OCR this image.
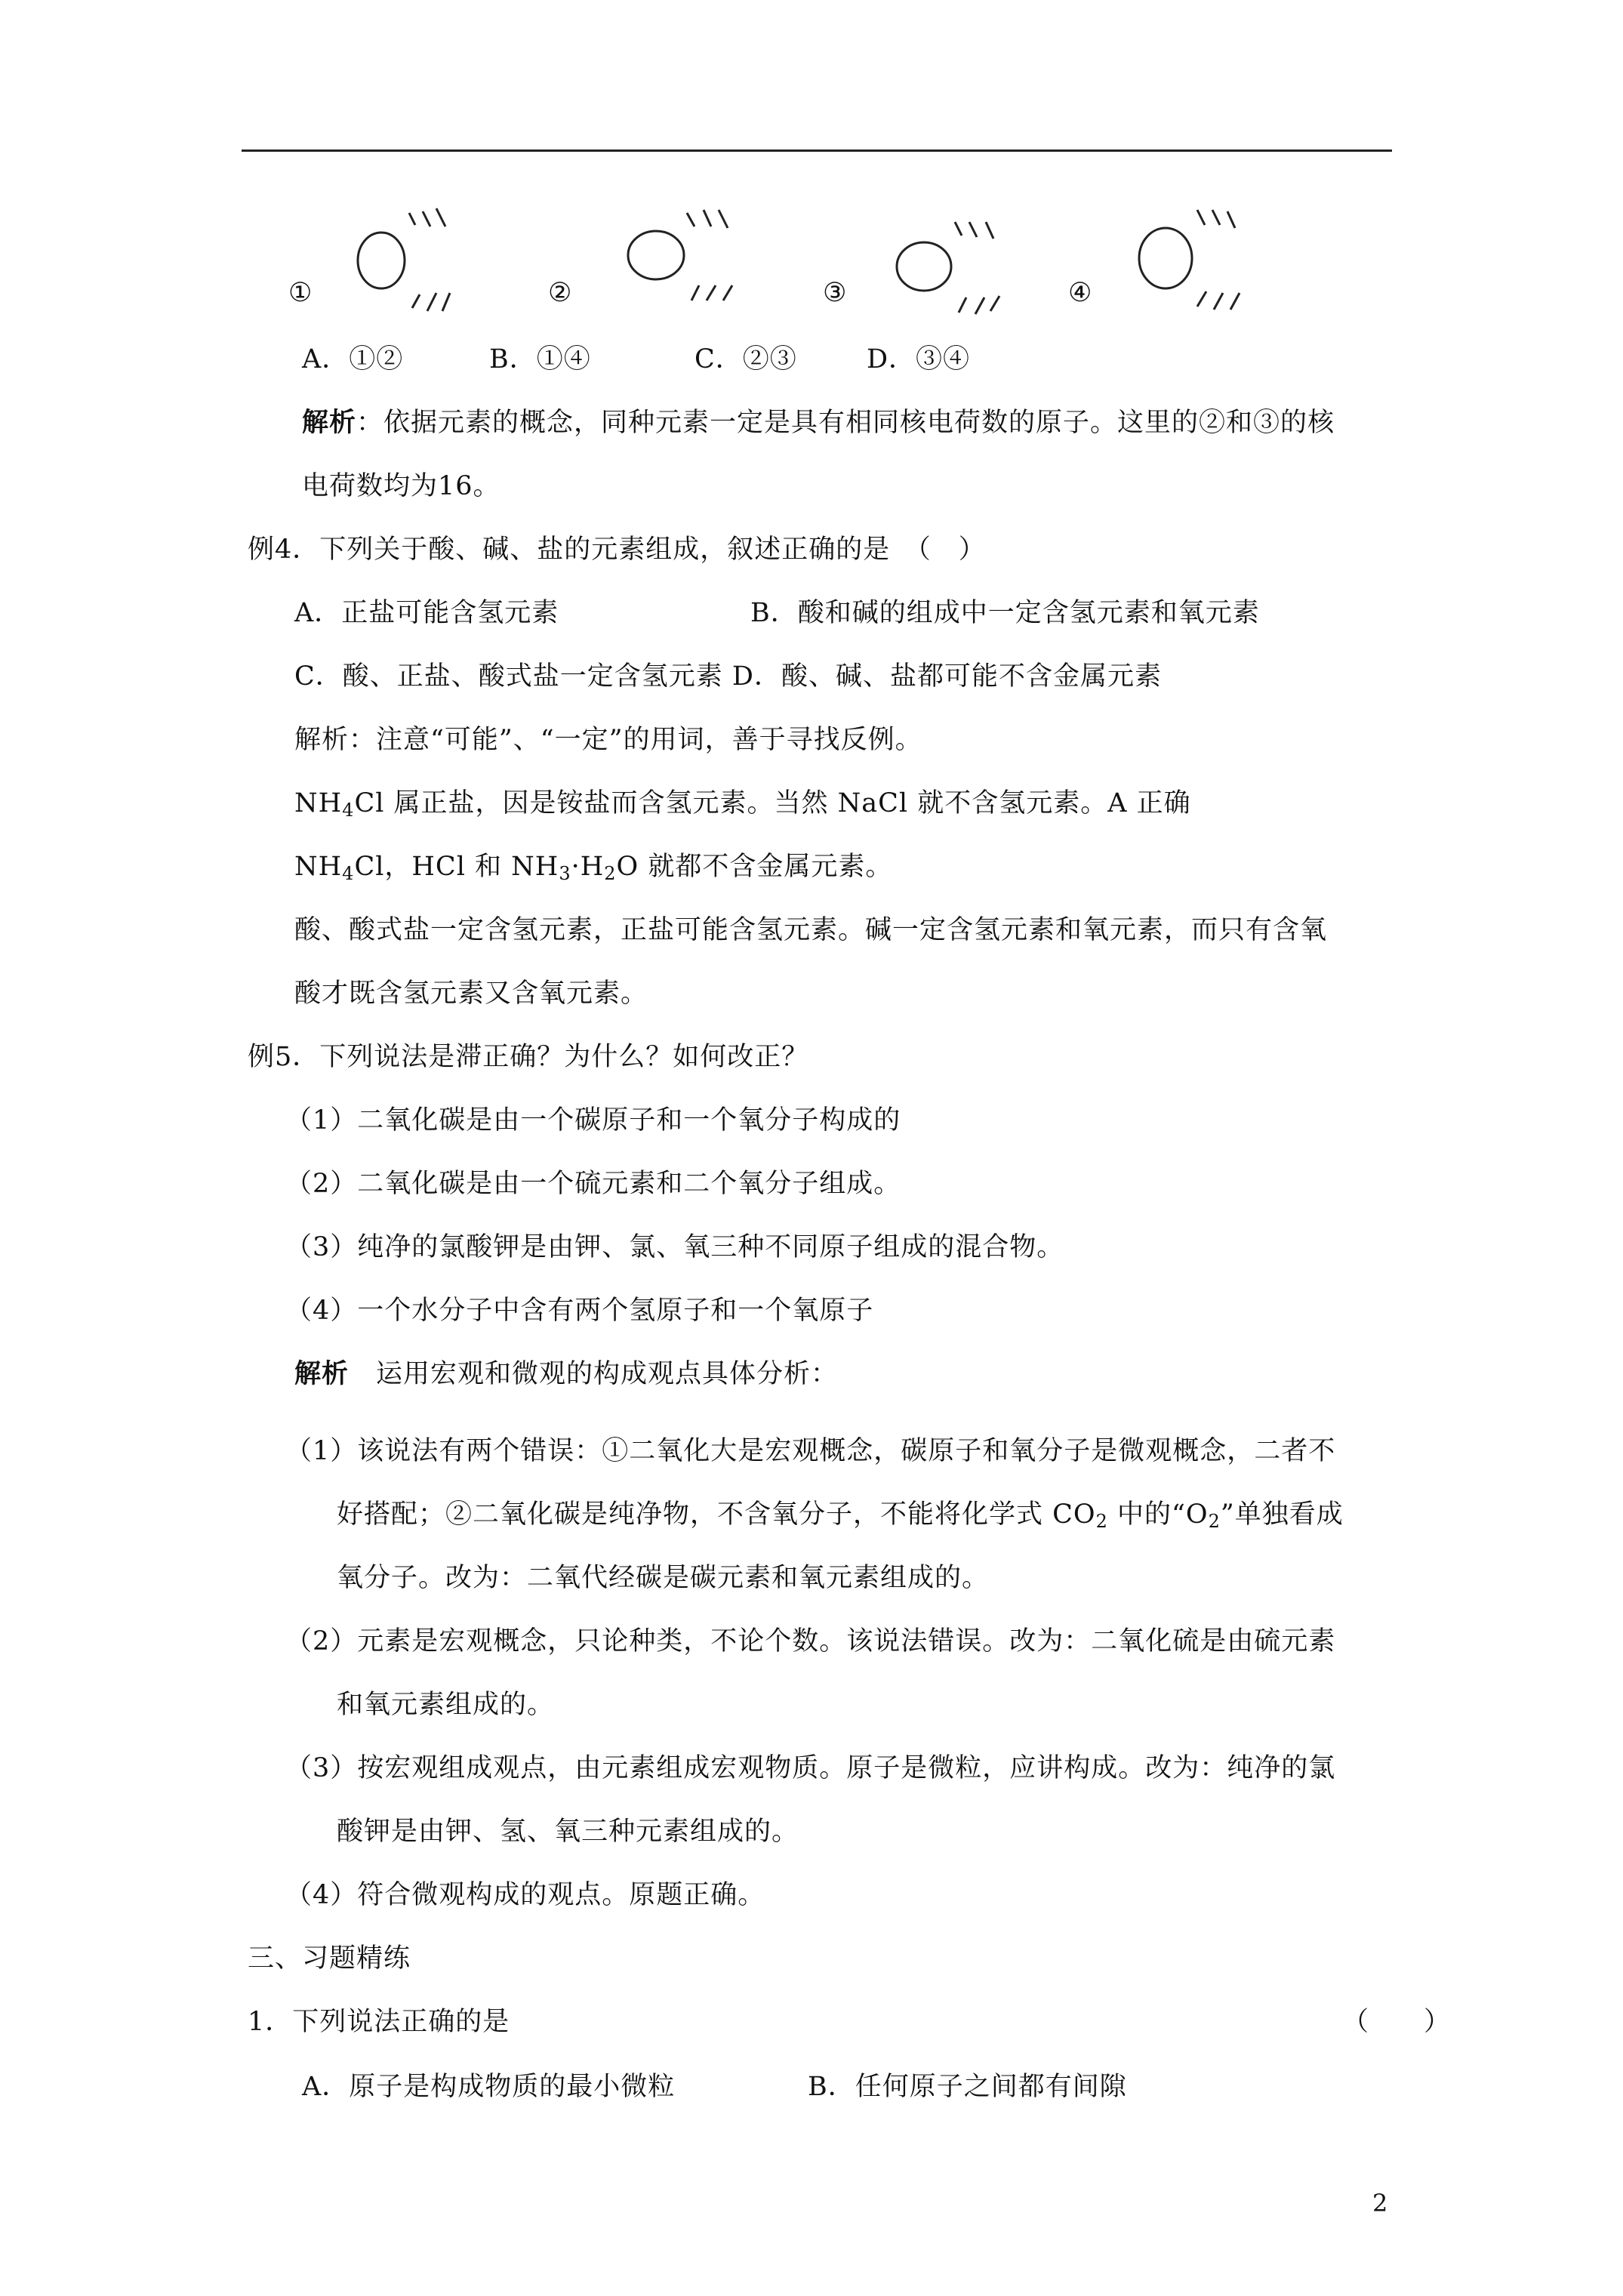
①	②	③	④
A．①②	B．①④	C．②③	D．③④
解析：依据元素的概念，同种元素一定是具有相同核电荷数的原子。这里的②和③的核
电荷数均为16。
例4．下列关于酸、碱、盐的元素组成，叙述正确的是　（　）
A．正盐可能含氢元素	B．酸和碱的组成中一定含氢元素和氧元素
C．酸、正盐、酸式盐一定含氢元素 D．酸、碱、盐都可能不含金属元素
解析：注意“可能”、“一定”的用词，善于寻找反例。
$NH_4Cl$ 属正盐，因是铵盐而含氢元素。当然 NaCl 就不含氢元素。A 正确
$NH_4Cl$，HCl 和 $NH_3\cdot H_2O$ 就都不含金属元素。
酸、酸式盐一定含氢元素，正盐可能含氢元素。碱一定含氢元素和氧元素，而只有含氧
酸才既含氢元素又含氧元素。
例5．下列说法是滞正确？为什么？如何改正？
（1）二氧化碳是由一个碳原子和一个氧分子构成的
（2）二氧化碳是由一个硫元素和二个氧分子组成。
（3）纯净的氯酸钾是由钾、氯、氧三种不同原子组成的混合物。
（4）一个水分子中含有两个氢原子和一个氧原子
解析　运用宏观和微观的构成观点具体分析：
（1）该说法有两个错误：①二氧化大是宏观概念，碳原子和氧分子是微观概念，二者不
好搭配；②二氧化碳是纯净物，不含氧分子，不能将化学式 $CO_2$ 中的“$O_2$”单独看成
氧分子。改为：二氧代经碳是碳元素和氧元素组成的。
（2）元素是宏观概念，只论种类，不论个数。该说法错误。改为：二氧化硫是由硫元素
和氧元素组成的。
（3）按宏观组成观点，由元素组成宏观物质。原子是微粒，应讲构成。改为：纯净的氯
酸钾是由钾、氢、氧三种元素组成的。
（4）符合微观构成的观点。原题正确。
三、习题精练
1．下列说法正确的是	（　　）
A．原子是构成物质的最小微粒	B．任何原子之间都有间隙
2
